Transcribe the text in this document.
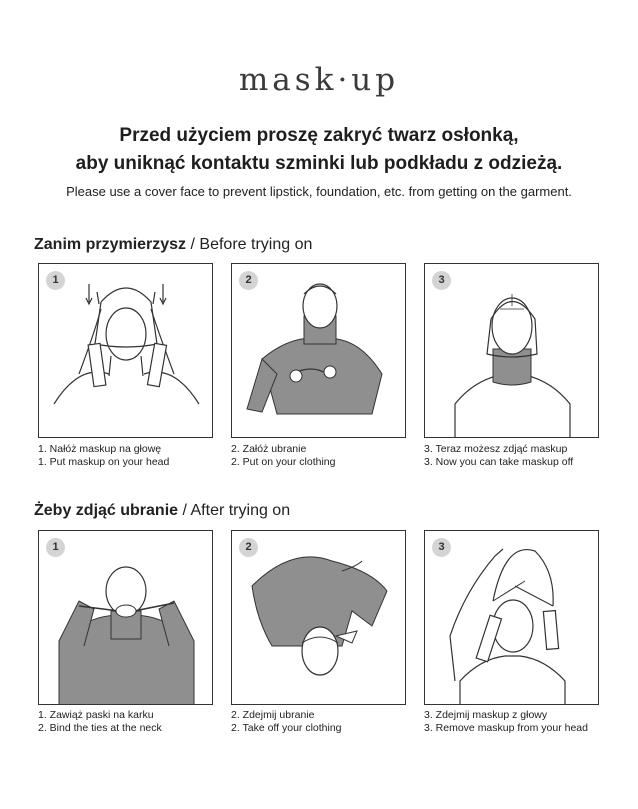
mask·up
Przed użyciem proszę zakryć twarz osłonką,
aby uniknąć kontaktu szminki lub podkładu z odzieżą.
Please use a cover face to prevent lipstick, foundation, etc. from getting on the garment.
Zanim przymierzysz / Before trying on
1	2	3
1. Nałóż maskup na głowę
1. Put maskup on your head
2. Załóż ubranie
2. Put on your clothing
3. Teraz możesz zdjąć maskup
3. Now you can take maskup off
Żeby zdjąć ubranie / After trying on
1	2	3
1. Zawiąż paski na karku
2. Bind the ties at the neck
2. Zdejmij ubranie
2. Take off your clothing
3. Zdejmij maskup z głowy
3. Remove maskup from your head
